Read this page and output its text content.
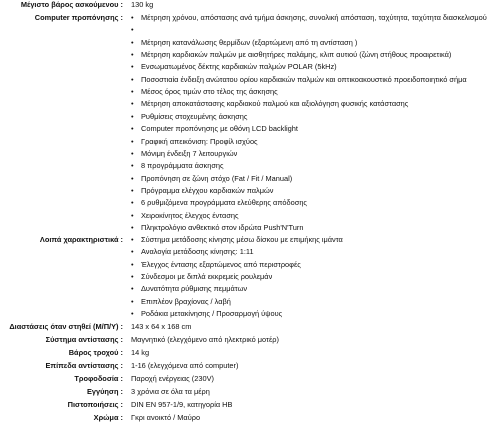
Μέγιστο βάρος ασκούμενου : 130 kg
Computer προπόνησης : • Μέτρηση χρόνου, απόστασης ανά τμήμα άσκησης, συνολική απόσταση, ταχύτητα, ταχύτητα διασκελισμού
•
• Μέτρηση κατανάλωσης θερμίδων (εξαρτώμενη από τη αντίσταση )
• Μέτρηση καρδιακών παλμών με αισθητήρες παλάμης, κλιπ αυτιού (ζώνη στήθους προαιρετικά)
• Ενσωματωμένος δέκτης καρδιακών παλμών POLAR (5kHz)
• Ποσοστιαία ένδειξη ανώτατου ορίου καρδιακών παλμών και οπτικοακουστικό προειδοποιητικό σήμα
• Μέσος όρος τιμών στο τέλος της άσκησης
• Μέτρηση αποκατάστασης καρδιακού παλμού και αξιολόγηση φυσικής κατάστασης
• Ρυθμίσεις στοχευμένης άσκησης
• Computer προπόνησης με οθόνη LCD backlight
• Γραφική απεικόνιση: Προφίλ ισχύος
• Μόνιμη ένδειξη 7 λειτουργιών
• 8 προγράμματα άσκησης
• Προπόνηση σε ζώνη στόχο (Fat / Fit / Manual)
• Πρόγραμμα ελέγχου καρδιακών παλμών
• 6 ρυθμιζόμενα προγράμματα ελεύθερης απόδοσης
• Χειροκίνητος έλεγχος έντασης
• Πληκτρολόγιο ανθεκτικό στον ιδρώτα Push'N'Turn
Λοιπά χαρακτηριστικά : • Σύστημα μετάδοσης κίνησης μέσω δίσκου με επιμήκης ιμάντα
• Αναλογία μετάδοσης κίνησης: 1:11
• Έλεγχος έντασης εξαρτώμενος από περιστροφές
• Σύνδεσμοι με διπλά εκκρεμείς ρουλεμάν
• Δυνατότητα ρύθμισης πεμμάτων
• Επιπλέον βραχίονας / λαβή
• Ροδάκια μετακίνησης / Προσαρμογή ύψους
Διαστάσεις όταν στηθεί (Μ/Π/Υ) : 143 x 64 x 168 cm
Σύστημα αντίστασης : Μαγνητικό (ελεγχόμενο από ηλεκτρικό μοτέρ)
Βάρος τροχού : 14 kg
Επίπεδα αντίστασης : 1-16 (ελεγχόμενα από computer)
Τροφοδοσία : Παροχή ενέργειας (230V)
Εγγύηση : 3 χρόνια σε όλα τα μέρη
Πιστοποιήσεις : DIN EN 957-1/9, κατηγορία HB
Χρώμα : Γκρι ανοικτό / Μαύρο
